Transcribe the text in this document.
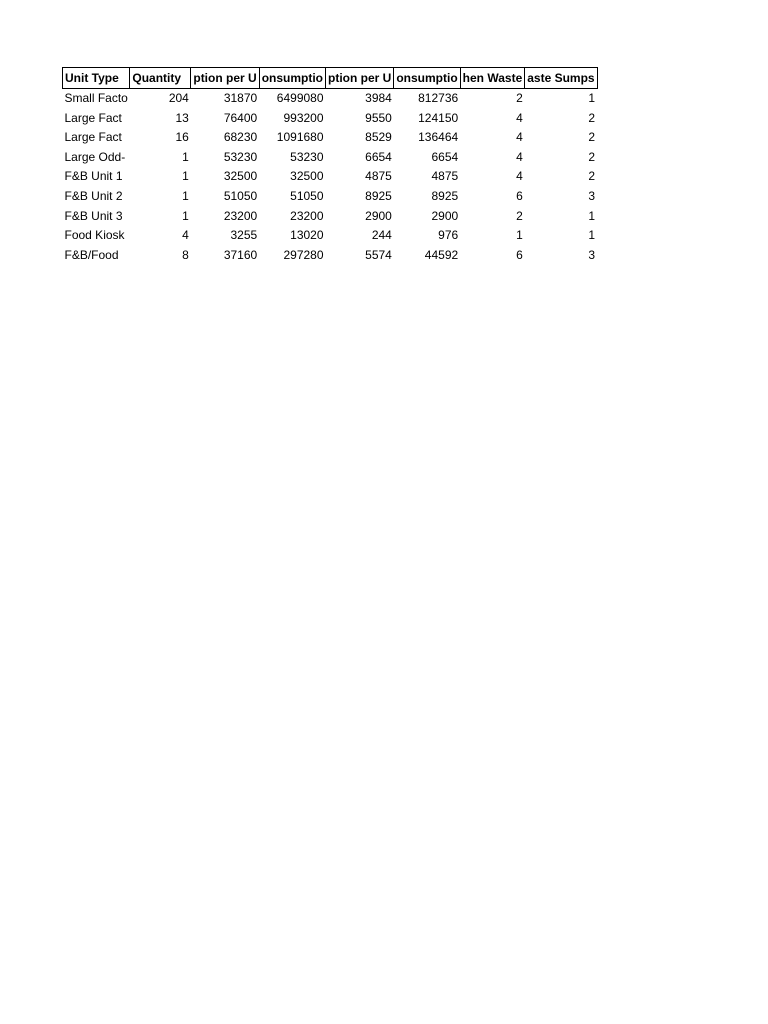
Unit Type	Quantity	ption per U	onsumptio	ption per U	onsumptio	hen Waste	aste Sumps
Small Facto	204	31870	6499080	3984	812736	2	1
Large Fact	13	76400	993200	9550	124150	4	2
Large Fact	16	68230	1091680	8529	136464	4	2
Large Odd-	1	53230	53230	6654	6654	4	2
F&B Unit 1	1	32500	32500	4875	4875	4	2
F&B Unit 2	1	51050	51050	8925	8925	6	3
F&B Unit 3	1	23200	23200	2900	2900	2	1
Food Kiosk	4	3255	13020	244	976	1	1
F&B/Food	8	37160	297280	5574	44592	6	3
